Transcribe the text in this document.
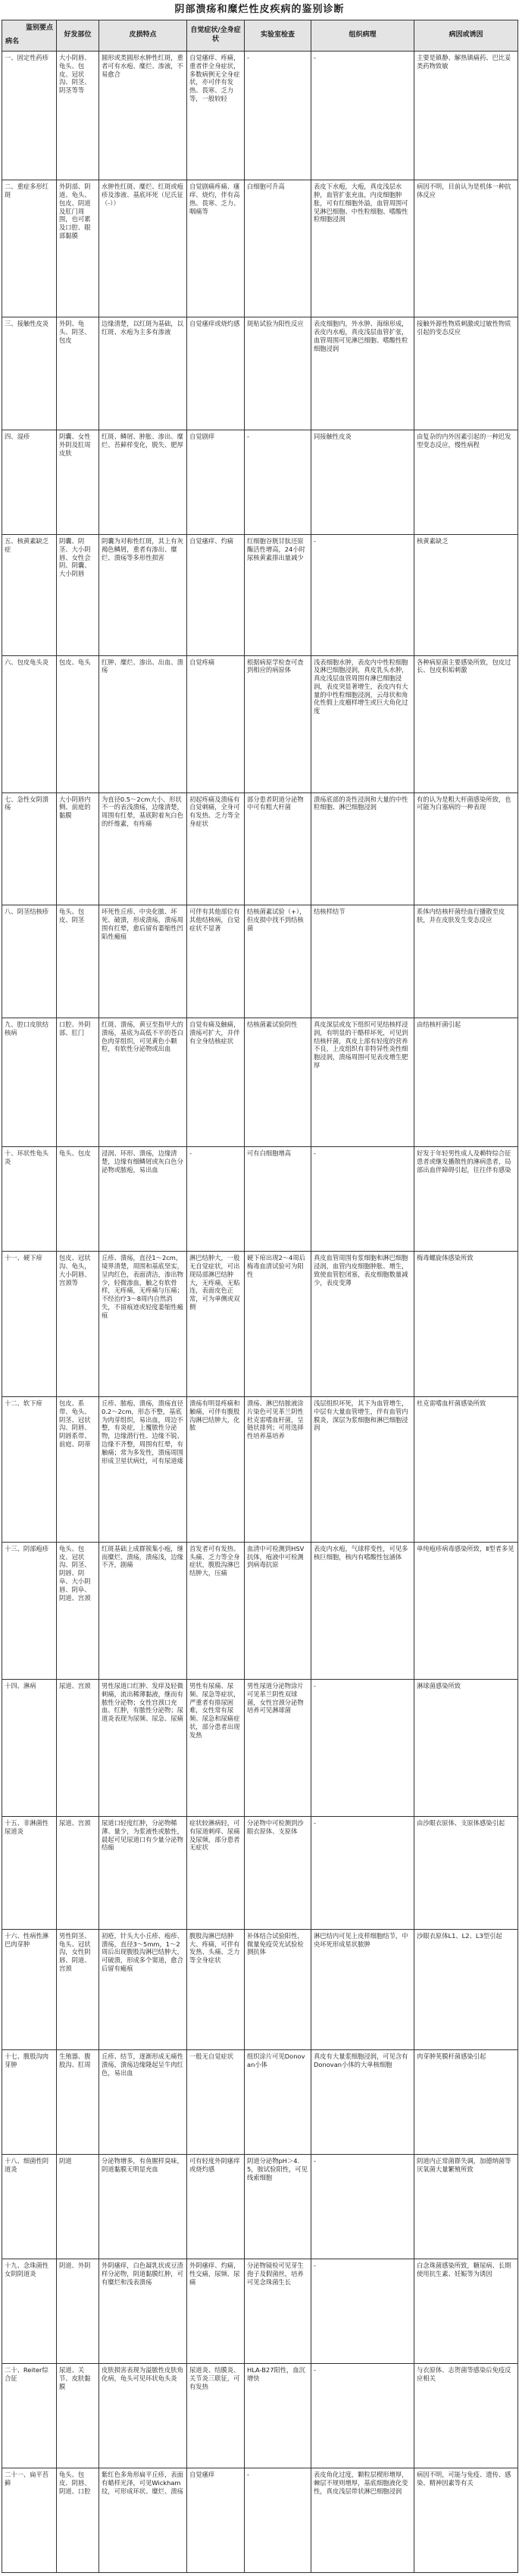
阴部溃疡和糜烂性皮疾病的鉴别诊断
鉴别要点
病名	好发部位	皮损特点	自觉症状/全身症状	实验室检查	组织病理	病因或诱因
一、固定性药疹	大小阴唇、龟头、包皮、冠状沟、阴茎、阴茎等等	圆形或类圆形水肿性红斑，重者可有水疱、糜烂、渗液，不易愈合	自觉瘙痒、疼痛，重者伴全身症状，多数病例无全身症状，亦可伴有发热、畏寒、乏力等，一般较轻	-	-	主要是镇静、解热镇痛药、巴比妥类药物致敏
二、重症多形红斑	外阴部、阴道、龟头、包皮、阴道及肛门周围，也可累及口腔、眼部黏膜	水肿性红斑、糜烂、红斑或疱疹及渗液、基底坏死（尼氏征（-））	自觉剧痛疼痛、瘙痒、烧灼，伴有高热、畏寒、乏力、咽痛等	白细胞可升高	表皮下水疱，大疱，真皮浅层水肿，血管扩张充血，内皮细胞肿胀，可有红细胞外溢，血管周围可见淋巴细胞、中性粒细胞、嗜酸性粒细胞浸润	病因不明，目前认为是机体一种抗体反应
三、接触性皮炎	外阴、龟头、阴茎、包皮	边缘清楚，以红斑为基础，以红斑、水疱为主多有渗液	自觉瘙痒或烧灼感	斑贴试验为阳性反应	表皮细胞内，外水肿、海绵形成，表皮内水疱，真皮浅层血管扩张，血管周围可见淋巴细胞、嗜酸性粒细胞浸润	接触外源性物质刺激或过敏性物质引起的变态反应
四、湿疹	阴囊、女性外阴及肛周皮肤	红斑、鳞屑、肿胀、渗出、糜烂、苔藓样变化，脱失、肥厚	自觉剧痒	-	同接触性皮炎	由复杂的内外因素引起的一种迟发型变态反应，慢性病程
五、核黄素缺乏症	阴囊、阴茎、大小阴唇、女性会阴、阴囊、大小阴唇	阴囊为对称性红斑，其上有灰褐色鳞屑，重者有渗出、糜烂、溃疡等多形性损害	自觉瘙痒、灼痛	红细胞谷胱甘肽还原酶活性增高，24小时尿核黄素排出量减少	-	核黄素缺乏
六、包皮龟头炎	包皮、龟头	红肿、糜烂、渗出、出血、溃疡	自觉疼痛	根据病原学检查可查到相应的病原体	浅表细胞水肿，表皮内中性粒细胞及淋巴细胞浸润，真皮乳头水肿，真皮浅层血管周围有淋巴细胞浸润，表皮突显著增生，表皮内有大量的中性粒细胞浸润，云母状和角化性假上皮瘤样增生或巨大角化过度	各种病原菌主要感染所致，包皮过长、包皮积垢刺激
七、急性女阴溃疡	大小阴唇内侧、前庭的黏膜	为直径0.5〜2cm大小、形状不一的表浅溃疡，边缘清楚，周围有红晕，基底附着灰白色的纤维素，有疼痛	初起疼痛及溃疡有自觉刺痛，全身可有发热、乏力等全身症状	部分患者阴道分泌物中可有粗大杆菌	溃疡底部的炎性浸润和大量的中性粒细胞、淋巴细胞浸润	有的认为是粗大杆菌感染所致，也可能为白塞病的一种表现
八、阴茎结核疹	龟头、包皮、阴茎	坏死性丘疹、中央化脓、坏死、破溃，形成溃疡，溃疡周围有红晕，愈后留有萎缩性凹陷性瘢痕	可伴有其他部位有其他结核病，自觉症状不显著	结核菌素试验（+），但皮损中找不到结核菌	结核样结节	系体内结核杆菌经血行播散至皮肤，并在皮肤发生变态反应
九、腔口皮肤结核病	口腔、外阴部、肛门	红斑、溃疡，黄豆至指甲大的溃疡，基底为高低不平的苍白色肉芽组织，可见黄色小颗粒，有软性分泌物或出血	自觉有痛及触痛，溃疡可扩大，并伴有全身结核症状	结核菌素试验阴性	真皮深层或皮下组织可见结核样浸润，有明显的干酪样坏死，可见到结核杆菌，真皮上部有轻度的营养不良，上皮组织有非特异性炎性细胞浸润，溃疡周围可见表皮增生肥厚	由结核杆菌引起
十、环状性龟头炎	龟头、包皮	浸润、环形、溃疡，边缘清楚，边缘有细鳞屑或灰白色分泌物或脓疱，易出血	-	可有白细胞增高	-	好发于年轻男性成人及赖特综合征患者或继发播散性的淋病患者，局部出血伴障碍引起，往往伴有感染
十一、硬下疳	包皮、冠状沟、龟头，大小阴唇、宫颈等	丘疹、溃疡，直径1〜2cm，境界清楚，周围和基底坚实，呈肉红色，表面清洁，渗出物少，轻微渗血，触之有软骨样，无疼痛，无疼痛与压痛；不经治疗3〜8周内自然消失，不留痕迹或轻度萎缩性瘢痕	淋巴结肿大，一般无自觉症状，可出现局部淋巴结肿大，无疼痛，无粘连，表面皮色正常，可为单侧或双侧	硬下疳出现2〜4周后梅毒血清试验可为阳性	真皮血管周围有浆细胞和淋巴细胞浸润，血管内皮细胞肿胀、增生，致使血管腔闭塞，表皮细胞数量减少，表皮变薄	梅毒螺旋体感染所致
十二、软下疳	包皮、系带、龟头、阴茎、冠状沟、阴唇、阴唇系带、前庭、阴蒂	丘疹、脓疱、溃疡，溃疡直径0.2〜2cm，形态不整，基底为肉芽组织，易出血，周边不整，有炎症，上覆脓性分泌物，边缘潜行性、边缘不锐、边缘不齐整，周围有红晕，有触痛；常为多发性，溃疡周围形成卫星状病灶，可有尿道瘘	溃疡有明显疼痛和触痛，可伴有腹股沟淋巴结肿大，化脓	溃疡、淋巴结脓液涂片染色可见革兰阴性杜克雷嗜血杆菌，呈链状排列；可用选择性培养基培养	浅层组织坏死，其下为血管增生，中层有大量血管增生，伴有血管内膜炎，深层为浆细胞和淋巴细胞浸润	杜克雷嗜血杆菌感染所致
十三、阴部疱疹	龟头、包皮、冠状沟、阴茎、阴唇、阴阜、大小阴唇、阴阜、阴道、宫颈	红斑基础上成群簇集小疱，继而糜烂、溃疡，溃疡浅，边缘不齐，剧痛	首发者可有发热、头痛、乏力等全身症状，腹股沟淋巴结肿大，压痛	血清中可检测到HSV抗体，疱液中可检测到病毒抗原	表皮内水疱，气球样变性，可见多核巨细胞，核内有嗜酸性包涵体	单纯疱疹病毒感染所致，Ⅱ型者多见
十四、淋病	尿道、宫颈	男性尿道口红肿、发痒及轻微刺痛，流出稀薄黏液，继而有脓性分泌物；女性宫颈口充血、红肿，有脓性分泌物；尿道炎表现为尿频、尿急、尿痛	男性有尿痛、尿频、尿急等症状，严重者有排尿困难，女性常有尿频、尿急和尿痛症状，部分患者出现发热	男性尿道分泌物涂片可见革兰阴性双球菌，女性宫颈分泌物培养可见淋球菌	-	淋球菌感染所致
十五、非淋菌性尿道炎	尿道、宫颈	尿道口轻度红肿，分泌物稀薄、量少，为浆液性或脓性，晨起可见尿道口有少量分泌物结痂	症状较淋病轻，可有尿道刺痒、尿痛及尿频，部分患者无症状	分泌物中可检测到沙眼衣原体、支原体	-	由沙眼衣原体、支原体感染引起
十六、性病性淋巴肉芽肿	男性阴茎、龟头、冠状沟，女性阴唇、阴道、宫颈	初疮，针头大小丘疹、疱疹、溃疡，直径3〜5mm，1〜2周后出现腹股沟淋巴结肿大，可破溃，形成多个窦道，愈合后留有瘢痕	腹股沟淋巴结肿大、疼痛，可伴有发热、头痛、乏力等全身症状	补体结合试验阳性，微量免疫荧光试验检测抗体	淋巴结内可见上皮样细胞结节，中央坏死形成星状脓肿	沙眼衣原体L1、L2、L3型引起
十七、腹股沟肉芽肿	生殖器、腹股沟、肛周	丘疹、结节，逐渐形成无痛性溃疡，溃疡边缘隆起呈牛肉红色，易出血	一般无自觉症状	组织涂片可见Donovan小体	真皮有大量浆细胞浸润，可见含有Donovan小体的大单核细胞	肉芽肿荚膜杆菌感染引起
十八、细菌性阴道炎	阴道	分泌物增多，有鱼腥样臭味，阴道黏膜无明显充血	可有轻度外阴瘙痒或烧灼感	阴道分泌物pH＞4.5，胺试验阳性，可见线索细胞	-	阴道内正常菌群失调，加德纳菌等厌氧菌大量繁殖所致
十九、念珠菌性女阴阴道炎	阴道、外阴	外阴瘙痒，白色凝乳状或豆渣样分泌物，阴道黏膜红肿，可有糜烂和浅表溃疡	外阴瘙痒、灼痛，性交痛，尿频、尿痛	分泌物镜检可见芽生孢子及假菌丝，培养可见念珠菌生长	-	白念珠菌感染所致，糖尿病、长期使用抗生素、妊娠等为诱因
二十、Reiter综合征	尿道、关节、皮肤黏膜	皮肤损害表现为溢脓性皮肤角化病，龟头可见环状龟头炎	尿道炎、结膜炎、关节炎三联征，可有发热	HLA-B27阳性，血沉增快	-	与衣原体、志贺菌等感染后免疫反应相关
二十一、扁平苔藓	龟头、包皮、阴唇、阴道、口腔	紫红色多角形扁平丘疹，表面有蜡样光泽，可见Wickham纹，可形成环状、糜烂、溃疡	自觉瘙痒	-	表皮角化过度，颗粒层楔形增厚，棘层不规则增厚，基底细胞液化变性，真皮浅层带状淋巴细胞浸润	病因不明，可能与免疫、遗传、感染、精神因素等有关
